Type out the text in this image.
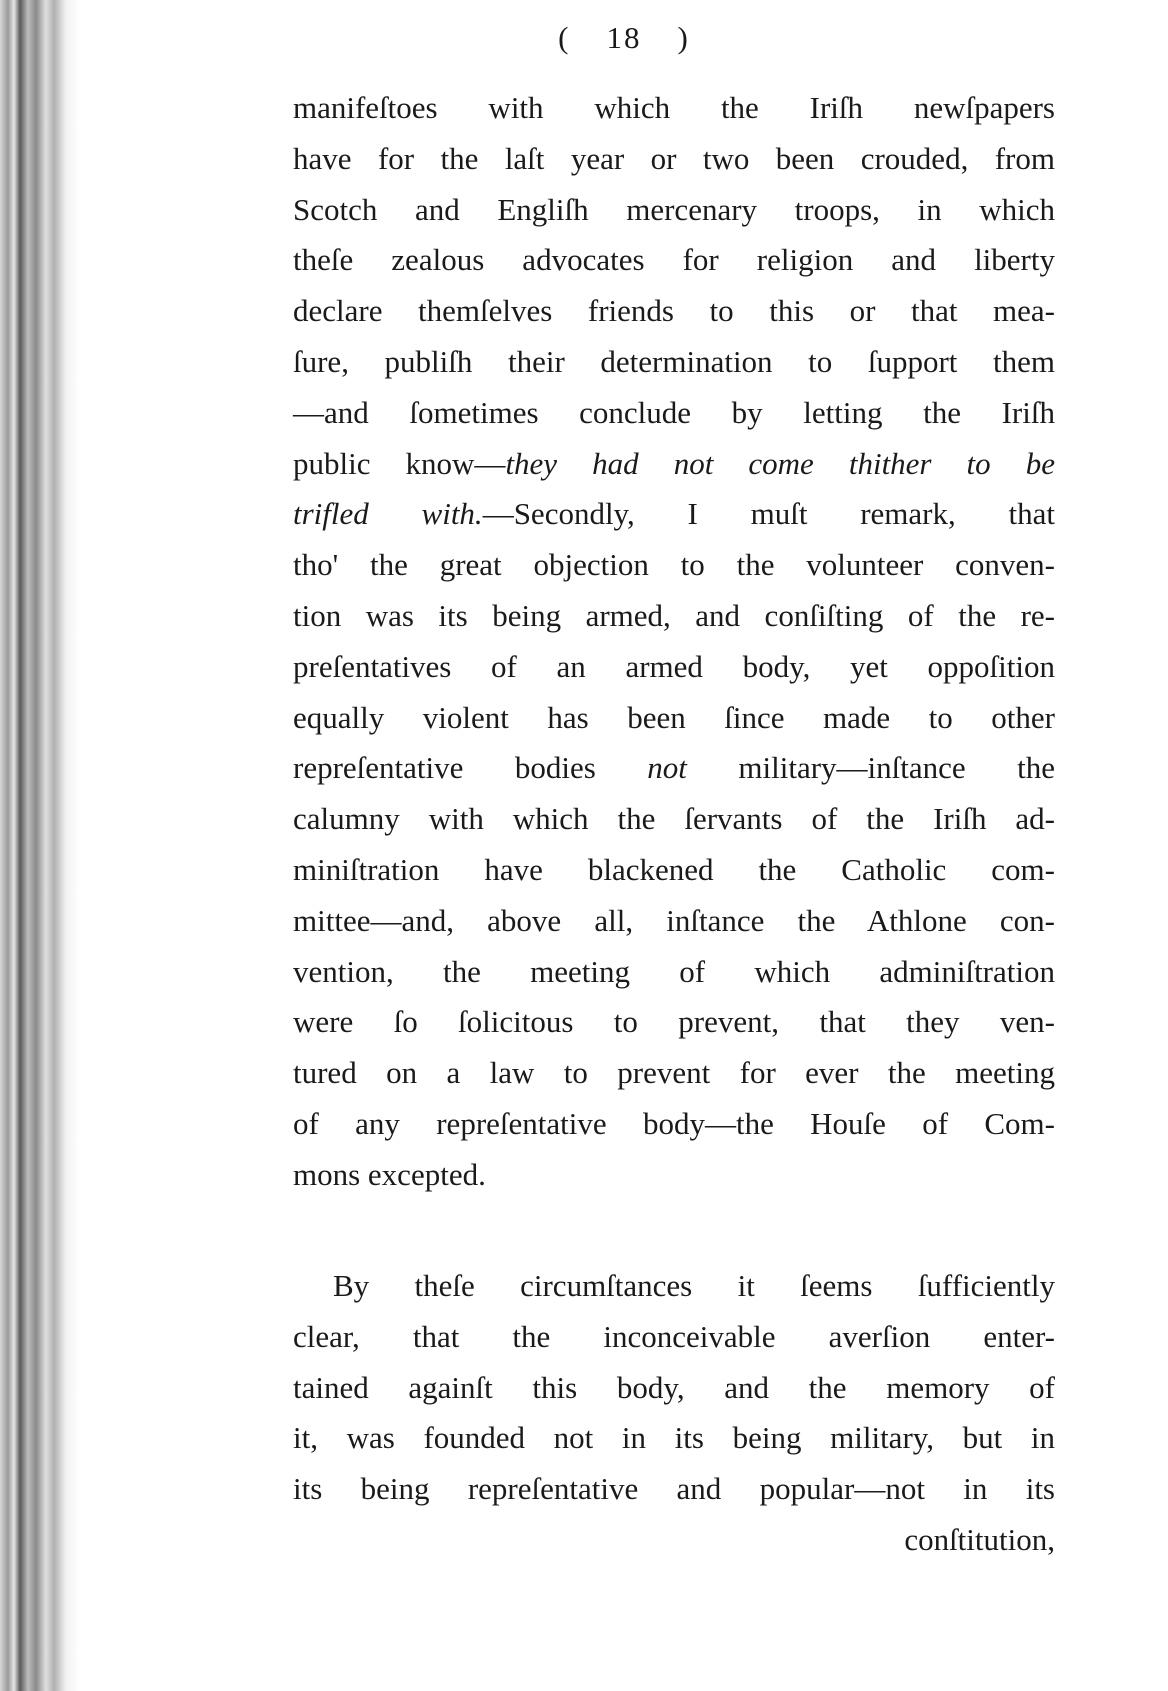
( 18 )
manifeſtoes with which the Iriſh newſpapers
have for the laſt year or two been crouded, from
Scotch and Engliſh mercenary troops, in which
theſe zealous advocates for religion and liberty
declare themſelves friends to this or that mea-
ſure, publiſh their determination to ſupport them
—and ſometimes conclude by letting the Iriſh
public know—they had not come thither to be
trifled with.—Secondly, I muſt remark, that
tho' the great objection to the volunteer conven-
tion was its being armed, and conſiſting of the re-
preſentatives of an armed body, yet oppoſition
equally violent has been ſince made to other
repreſentative bodies not military—inſtance the
calumny with which the ſervants of the Iriſh ad-
miniſtration have blackened the Catholic com-
mittee—and, above all, inſtance the Athlone con-
vention, the meeting of which adminiſtration
were ſo ſolicitous to prevent, that they ven-
tured on a law to prevent for ever the meeting
of any repreſentative body—the Houſe of Com-
mons excepted.
By theſe circumſtances it ſeems ſufficiently
clear, that the inconceivable averſion enter-
tained againſt this body, and the memory of
it, was founded not in its being military, but in
its being repreſentative and popular—not in its
conſtitution,
